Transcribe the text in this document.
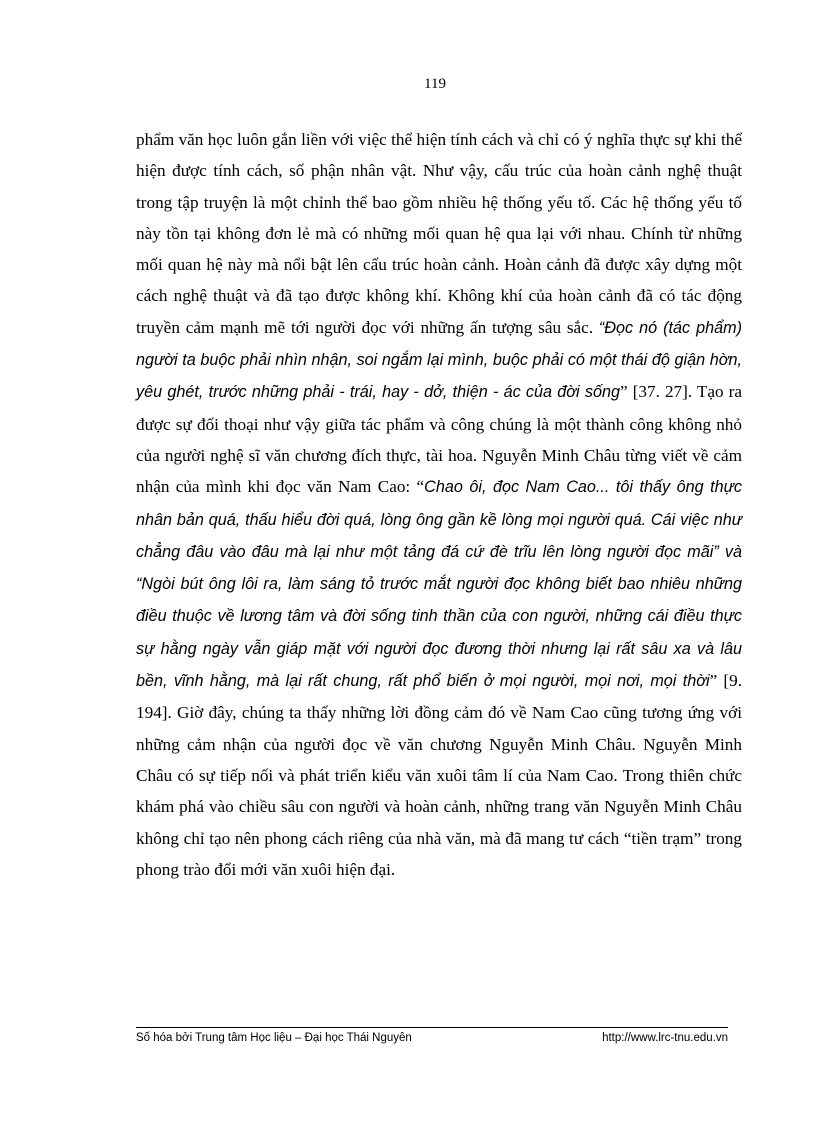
119

phẩm văn học luôn gắn liền với việc thể hiện tính cách và chỉ có ý nghĩa thực sự khi thể hiện được tính cách, số phận nhân vật. Như vậy, cấu trúc của hoàn cảnh nghệ thuật trong tập truyện là một chỉnh thể bao gồm nhiều hệ thống yếu tố. Các hệ thống yếu tố này tồn tại không đơn lẻ mà có những mối quan hệ qua lại với nhau. Chính từ những mối quan hệ này mà nổi bật lên cấu trúc hoàn cảnh. Hoàn cảnh đã được xây dựng một cách nghệ thuật và đã tạo được không khí. Không khí của hoàn cảnh đã có tác động truyền cảm mạnh mẽ tới người đọc với những ấn tượng sâu sắc. “Đọc nó (tác phẩm) người ta buộc phải nhìn nhận, soi ngắm lại mình, buộc phải có một thái độ giận hờn, yêu ghét, trước những phải - trái, hay - dở, thiện - ác của đời sống” [37. 27]. Tạo ra được sự đối thoại như vậy giữa tác phẩm và công chúng là một thành công không nhỏ của người nghệ sĩ văn chương đích thực, tài hoa. Nguyễn Minh Châu từng viết về cảm nhận của mình khi đọc văn Nam Cao: “Chao ôi, đọc Nam Cao... tôi thấy ông thực nhân bản quá, thấu hiểu đời quá, lòng ông gần kề lòng mọi người quá. Cái việc như chẳng đâu vào đâu mà lại như một tảng đá cứ đè trĩu lên lòng người đọc mãi” và “Ngòi bút ông lôi ra, làm sáng tỏ trước mắt người đọc không biết bao nhiêu những điều thuộc về lương tâm và đời sống tinh thần của con người, những cái điều thực sự hằng ngày vẫn giáp mặt với người đọc đương thời nhưng lại rất sâu xa và lâu bền, vĩnh hằng, mà lại rất chung, rất phổ biến ở mọi người, mọi nơi, mọi thời” [9. 194]. Giờ đây, chúng ta thấy những lời đồng cảm đó về Nam Cao cũng tương ứng với những cảm nhận của người đọc về văn chương Nguyễn Minh Châu. Nguyễn Minh Châu có sự tiếp nối và phát triển kiểu văn xuôi tâm lí của Nam Cao. Trong thiên chức khám phá vào chiều sâu con người và hoàn cảnh, những trang văn Nguyễn Minh Châu không chỉ tạo nên phong cách riêng của nhà văn, mà đã mang tư cách “tiền trạm” trong phong trào đổi mới văn xuôi hiện đại.

Số hóa bởi Trung tâm Học liệu – Đại học Thái Nguyên	http://www.lrc-tnu.edu.vn
